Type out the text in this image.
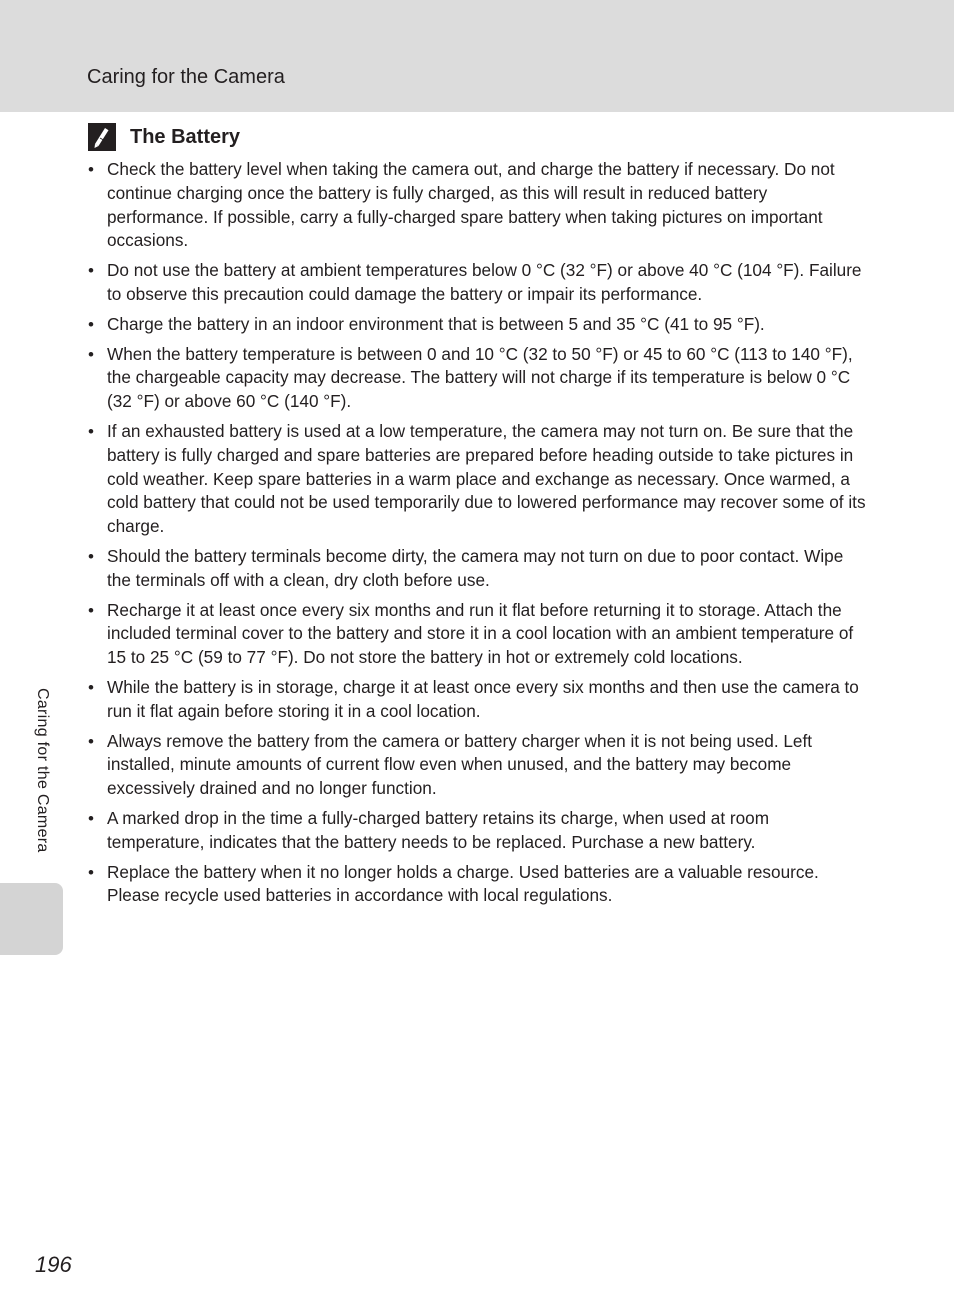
Caring for the Camera
The Battery
• Check the battery level when taking the camera out, and charge the battery if necessary. Do not continue charging once the battery is fully charged, as this will result in reduced battery performance. If possible, carry a fully-charged spare battery when taking pictures on important occasions.
• Do not use the battery at ambient temperatures below 0 °C (32 °F) or above 40 °C (104 °F). Failure to observe this precaution could damage the battery or impair its performance.
• Charge the battery in an indoor environment that is between 5 and 35 °C (41 to 95 °F).
• When the battery temperature is between 0 and 10 °C (32 to 50 °F) or 45 to 60 °C (113 to 140 °F), the chargeable capacity may decrease. The battery will not charge if its temperature is below 0 °C (32 °F) or above 60 °C (140 °F).
• If an exhausted battery is used at a low temperature, the camera may not turn on. Be sure that the battery is fully charged and spare batteries are prepared before heading outside to take pictures in cold weather. Keep spare batteries in a warm place and exchange as necessary. Once warmed, a cold battery that could not be used temporarily due to lowered performance may recover some of its charge.
• Should the battery terminals become dirty, the camera may not turn on due to poor contact. Wipe the terminals off with a clean, dry cloth before use.
• Recharge it at least once every six months and run it flat before returning it to storage. Attach the included terminal cover to the battery and store it in a cool location with an ambient temperature of 15 to 25 °C (59 to 77 °F). Do not store the battery in hot or extremely cold locations.
• While the battery is in storage, charge it at least once every six months and then use the camera to run it flat again before storing it in a cool location.
• Always remove the battery from the camera or battery charger when it is not being used. Left installed, minute amounts of current flow even when unused, and the battery may become excessively drained and no longer function.
• A marked drop in the time a fully-charged battery retains its charge, when used at room temperature, indicates that the battery needs to be replaced. Purchase a new battery.
• Replace the battery when it no longer holds a charge. Used batteries are a valuable resource. Please recycle used batteries in accordance with local regulations.
Caring for the Camera
196
